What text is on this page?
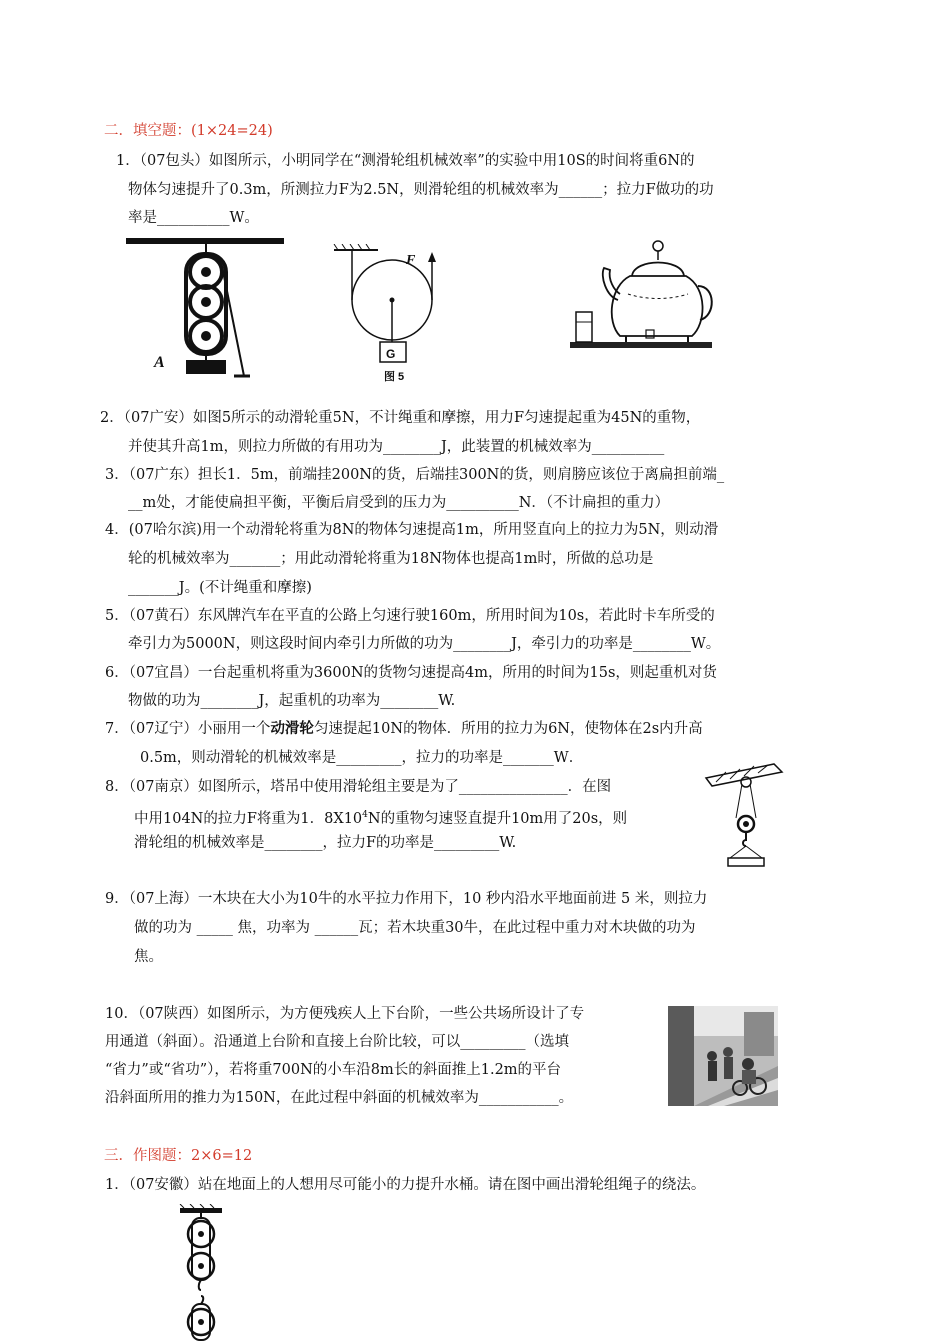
二．填空题：(1×24=24)
1．（07包头）如图所示，小明同学在“测滑轮组机械效率”的实验中用10S的时间将重6N的
物体匀速提升了0.3m，所测拉力F为2.5N，则滑轮组的机械效率为______；拉力F做功的功
率是__________W。
A
F
G
图 5
2．（07广安）如图5所示的动滑轮重5N，不计绳重和摩擦，用力F匀速提起重为45N的重物，
并使其升高1m，则拉力所做的有用功为________J，此装置的机械效率为__________
3．（07广东）担长1．5m，前端挂200N的货，后端挂300N的货，则肩膀应该位于离扁担前端_
__m处，才能使扁担平衡，平衡后肩受到的压力为__________N．（不计扁担的重力）
4．(07哈尔滨)用一个动滑轮将重为8N的物体匀速提高1m，所用竖直向上的拉力为5N，则动滑
轮的机械效率为_______；用此动滑轮将重为18N物体也提高1m时，所做的总功是
_______J。(不计绳重和摩擦)
5．（07黄石）东风牌汽车在平直的公路上匀速行驶160m，所用时间为10s，若此时卡车所受的
牵引力为5000N，则这段时间内牵引力所做的功为________J，牵引力的功率是________W。
6．（07宜昌）一台起重机将重为3600N的货物匀速提高4m，所用的时间为15s，则起重机对货
物做的功为________J，起重机的功率为________W.
7．（07辽宁）小丽用一个动滑轮匀速提起10N的物体．所用的拉力为6N，使物体在2s内升高
0.5m，则动滑轮的机械效率是_________，拉力的功率是_______W．
8．（07南京）如图所示，塔吊中使用滑轮组主要是为了_______________．在图
中用104N的拉力F将重为1．$8X10^4N$的重物匀速竖直提升10m用了20s，则
滑轮组的机械效率是________，拉力F的功率是_________W.
9．（07上海）一木块在大小为10牛的水平拉力作用下，10 秒内沿水平地面前进 5 米，则拉力
做的功为 _____ 焦，功率为 ______瓦；若木块重30牛，在此过程中重力对木块做的功为
焦。
10．（07陕西）如图所示，为方便残疾人上下台阶，一些公共场所设计了专
用通道（斜面）。沿通道上台阶和直接上台阶比较，可以_________（选填
“省力”或“省功”），若将重700N的小车沿8m长的斜面推上1.2m的平台
沿斜面所用的推力为150N，在此过程中斜面的机械效率为___________。
三．作图题：2×6=12
1．（07安徽）站在地面上的人想用尽可能小的力提升水桶。请在图中画出滑轮组绳子的绕法。
